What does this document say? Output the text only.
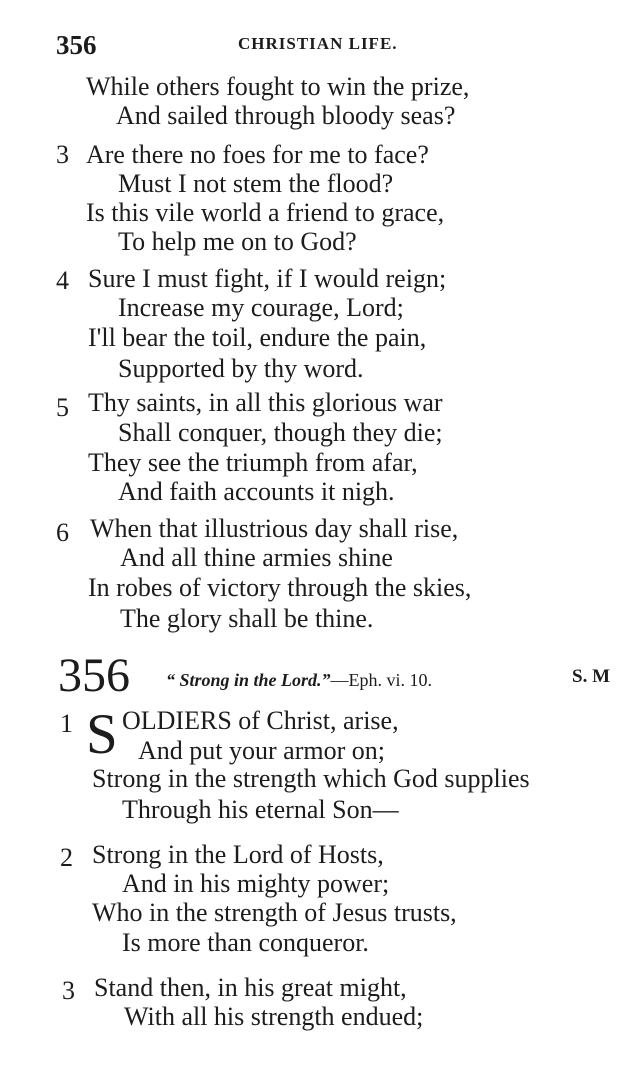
356	CHRISTIAN LIFE.
While others fought to win the prize,
And sailed through bloody seas?
3 Are there no foes for me to face?
Must I not stem the flood?
Is this vile world a friend to grace,
To help me on to God?
4 Sure I must fight, if I would reign;
Increase my courage, Lord;
I'll bear the toil, endure the pain,
Supported by thy word.
5 Thy saints, in all this glorious war
Shall conquer, though they die;
They see the triumph from afar,
And faith accounts it nigh.
6 When that illustrious day shall rise,
And all thine armies shine
In robes of victory through the skies,
The glory shall be thine.
356 “ Strong in the Lord.”—Eph. vi. 10.	S. M
1 S OLDIERS of Christ, arise,
And put your armor on;
Strong in the strength which God supplies
Through his eternal Son—
2 Strong in the Lord of Hosts,
And in his mighty power;
Who in the strength of Jesus trusts,
Is more than conqueror.
3 Stand then, in his great might,
With all his strength endued;
